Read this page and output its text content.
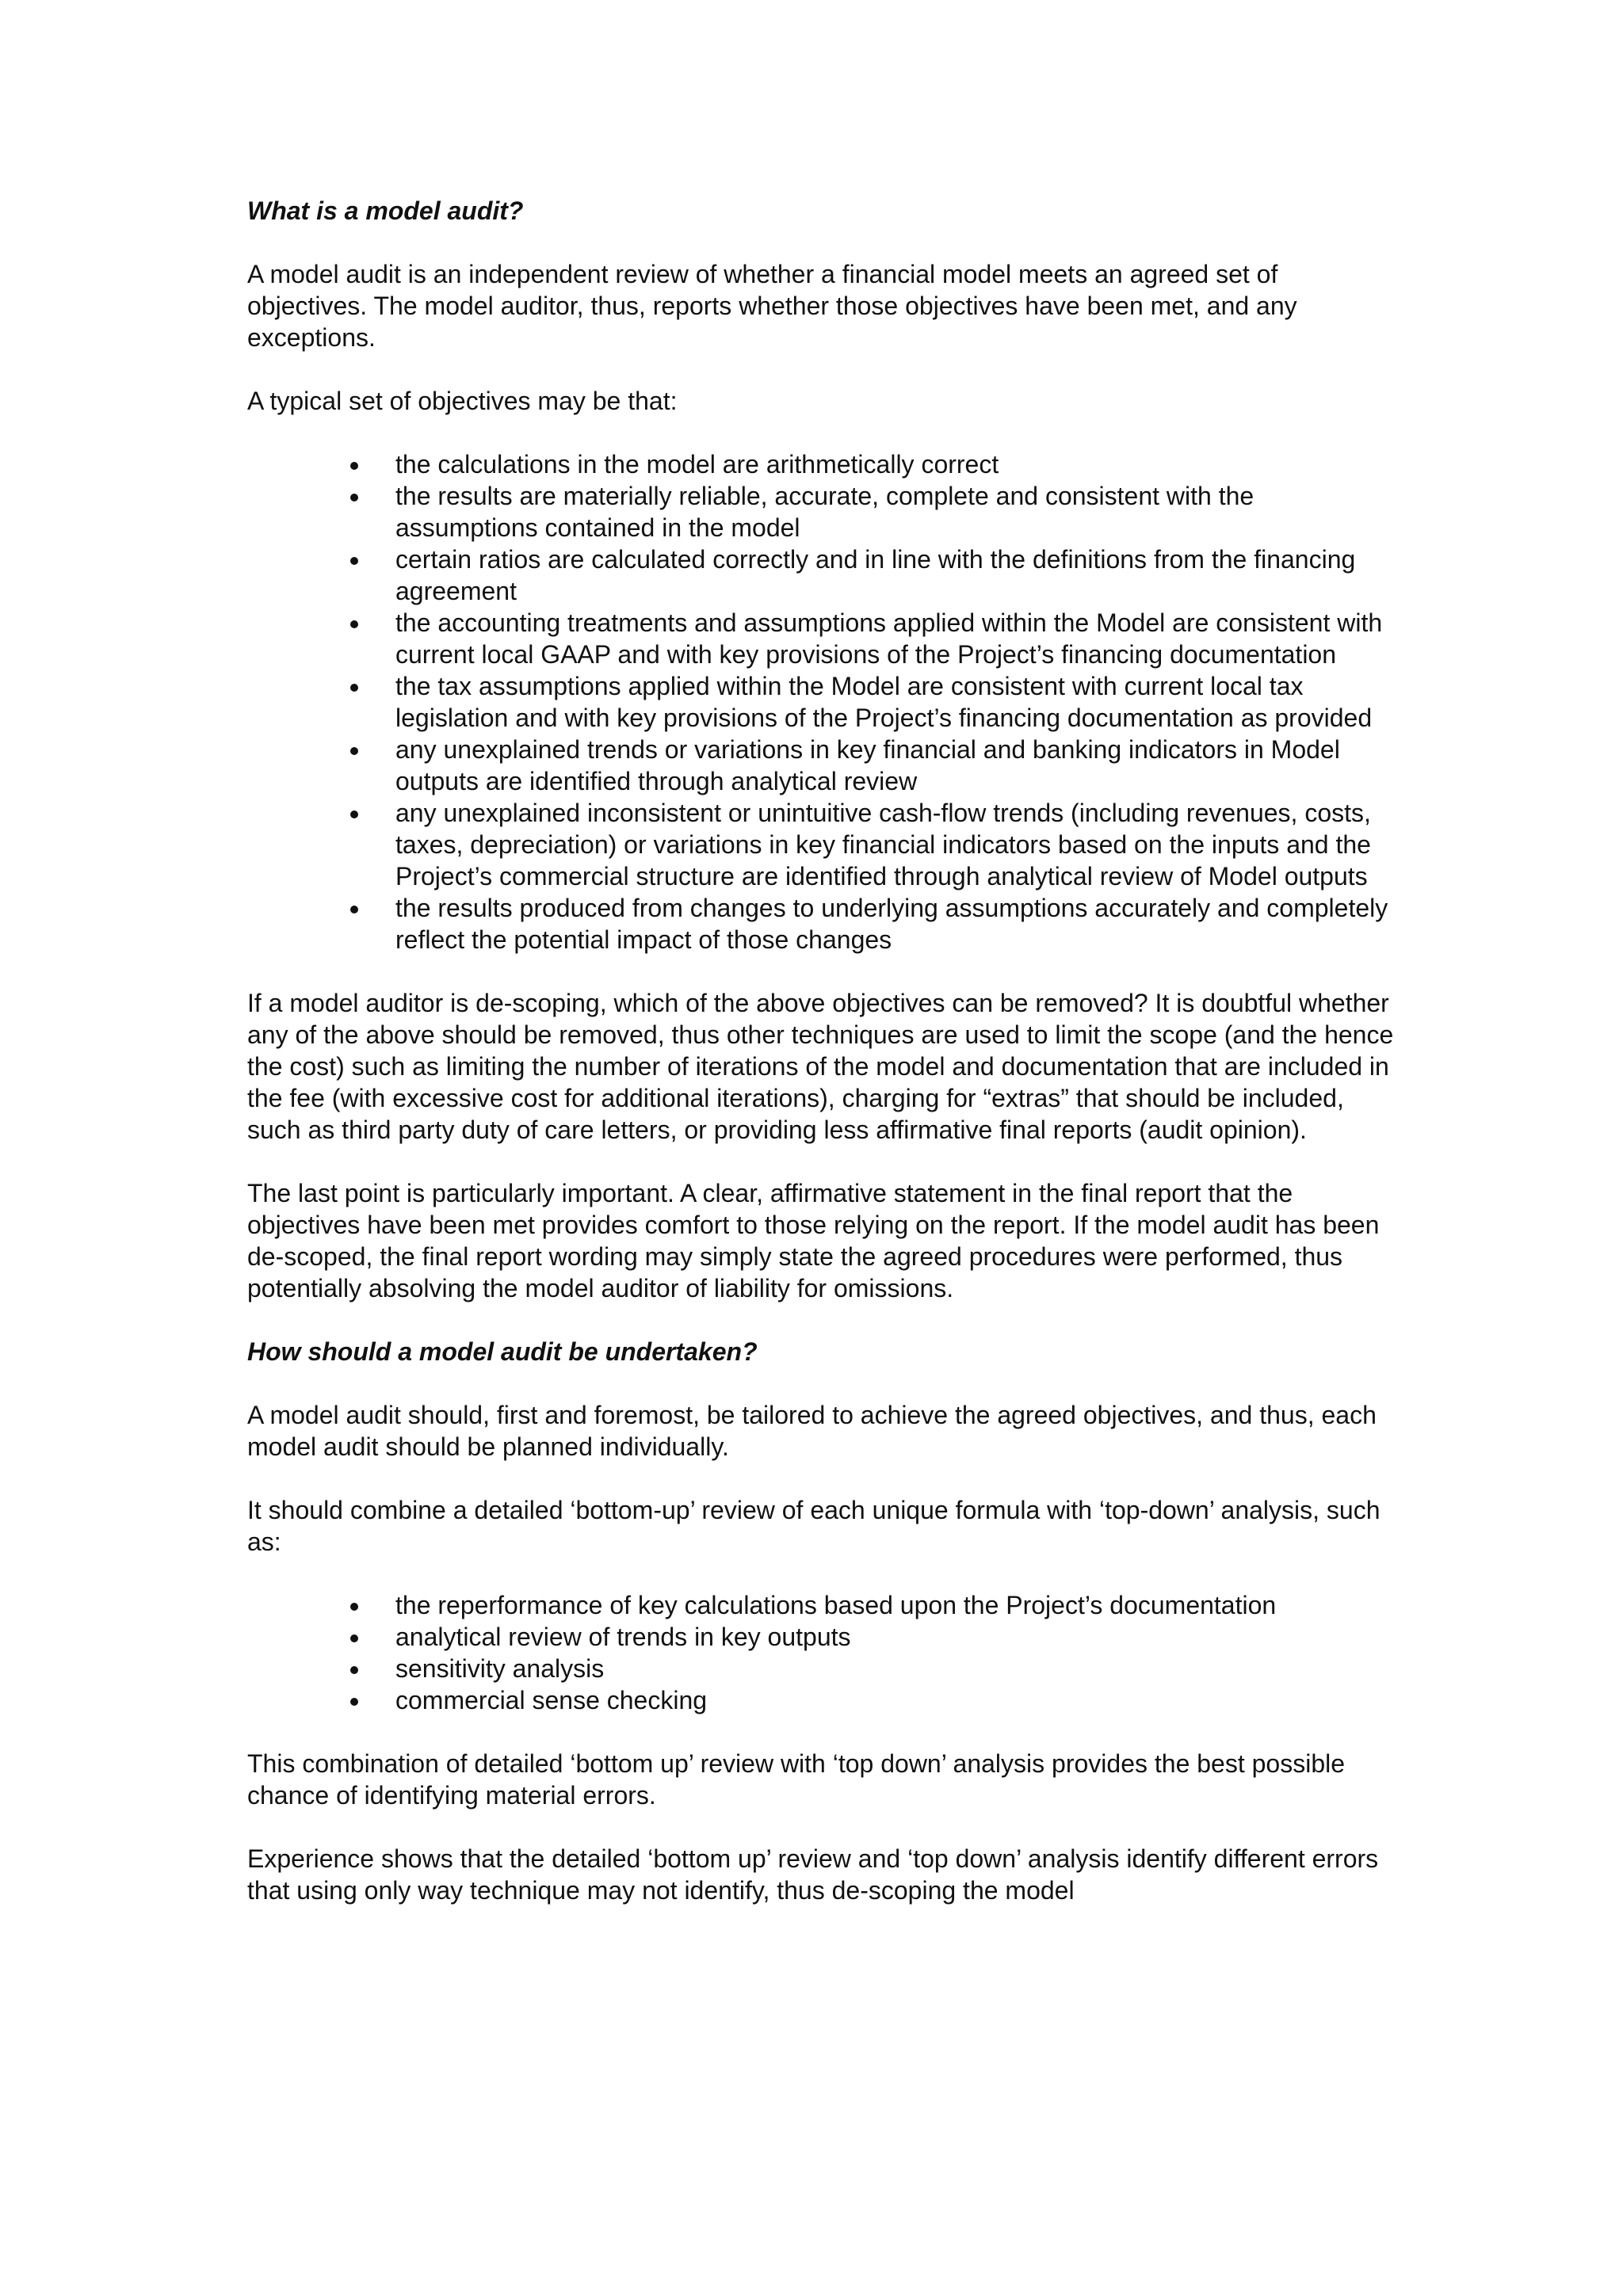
What is a model audit?
A model audit is an independent review of whether a financial model meets an agreed set of objectives. The model auditor, thus, reports whether those objectives have been met, and any exceptions.
A typical set of objectives may be that:
the calculations in the model are arithmetically correct
the results are materially reliable, accurate, complete and consistent with the assumptions contained in the model
certain ratios are calculated correctly and in line with the definitions from the financing agreement
the accounting treatments and assumptions applied within the Model are consistent with current local GAAP and with key provisions of the Project’s financing documentation
the tax assumptions applied within the Model are consistent with current local tax legislation and with key provisions of the Project’s financing documentation as provided
any unexplained trends or variations in key financial and banking indicators in Model outputs are identified through analytical review
any unexplained inconsistent or unintuitive cash-flow trends (including revenues, costs, taxes, depreciation) or variations in key financial indicators based on the inputs and the Project’s commercial structure are identified through analytical review of Model outputs
the results produced from changes to underlying assumptions accurately and completely reflect the potential impact of those changes
If a model auditor is de-scoping, which of the above objectives can be removed? It is doubtful whether any of the above should be removed, thus other techniques are used to limit the scope (and the hence the cost) such as limiting the number of iterations of the model and documentation that are included in the fee (with excessive cost for additional iterations), charging for “extras” that should be included, such as third party duty of care letters, or providing less affirmative final reports (audit opinion).
The last point is particularly important. A clear, affirmative statement in the final report that the objectives have been met provides comfort to those relying on the report. If the model audit has been de-scoped, the final report wording may simply state the agreed procedures were performed, thus potentially absolving the model auditor of liability for omissions.
How should a model audit be undertaken?
A model audit should, first and foremost, be tailored to achieve the agreed objectives, and thus, each model audit should be planned individually.
It should combine a detailed ‘bottom-up’ review of each unique formula with ‘top-down’ analysis, such as:
the reperformance of key calculations based upon the Project’s documentation
analytical review of trends in key outputs
sensitivity analysis
commercial sense checking
This combination of detailed ‘bottom up’ review with ‘top down’ analysis provides the best possible chance of identifying material errors.
Experience shows that the detailed ‘bottom up’ review and ‘top down’ analysis identify different errors that using only way technique may not identify, thus de-scoping the model
